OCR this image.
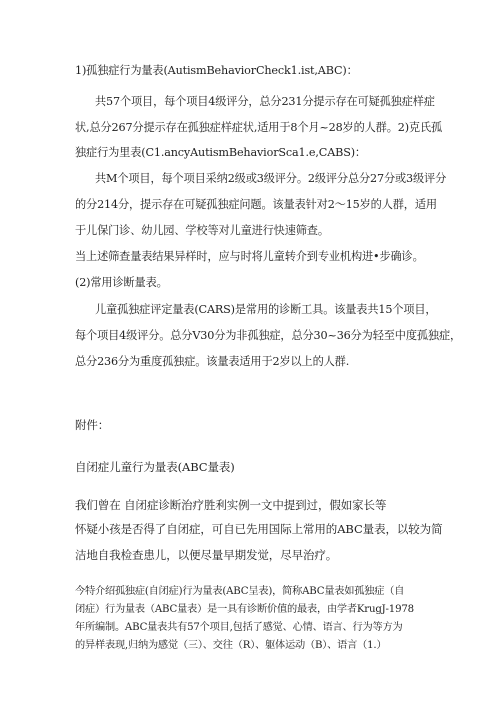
1)孤独症行为量表(AutismBehaviorCheck1.ist,ABC)：

共57个项目，每个项目4级评分，总分231分提示存在可疑孤独症样症

状,总分267分提示存在孤独症样症状,适用于8个月~28岁的人群。2)克氏孤

独症行为里表(C1.ancyAutismBehaviorSca1.e,CABS)：

共M个项目，每个项目采纳2级或3级评分。2级评分总分27分或3级评分

的分214分，提示存在可疑孤独症问题。该量表针对2～15岁的人群，适用

于儿保门诊、幼儿园、学校等对儿童进行快速筛查。

当上述筛查量表结果异样时，应与时将儿童转介到专业机构进•步确诊。

(2)常用诊断量表。

儿童孤独症评定量表(CARS)是常用的诊断工具。该量表共15个项目，

每个项目4级评分。总分V30分为非孤独症，总分30~36分为轻至中度孤独症，

总分236分为重度孤独症。该量表适用于2岁以上的人群.

附件：

自闭症儿童行为量表(ABC量表)

我们曾在 自闭症诊断治疗胜利实例一文中提到过，假如家长等

怀疑小孩是否得了自闭症，可自已先用国际上常用的ABC量表，以较为简

洁地自我检查患儿，以便尽量早期发觉，尽早治疗。

今特介绍孤独症(自闭症)行为量表(ABC呈表)，简称ABC量表如孤独症（自

闭症）行为量表（ABC量表）是一具有诊断价值的最表，由学者KrugJ-1978

年所编制。ABC量表共有57个项目,包括了感觉、心情、语言、行为等方为

的异样表现,归纳为感觉（三）、交往（R）、躯体运动（B）、语言（1.）
